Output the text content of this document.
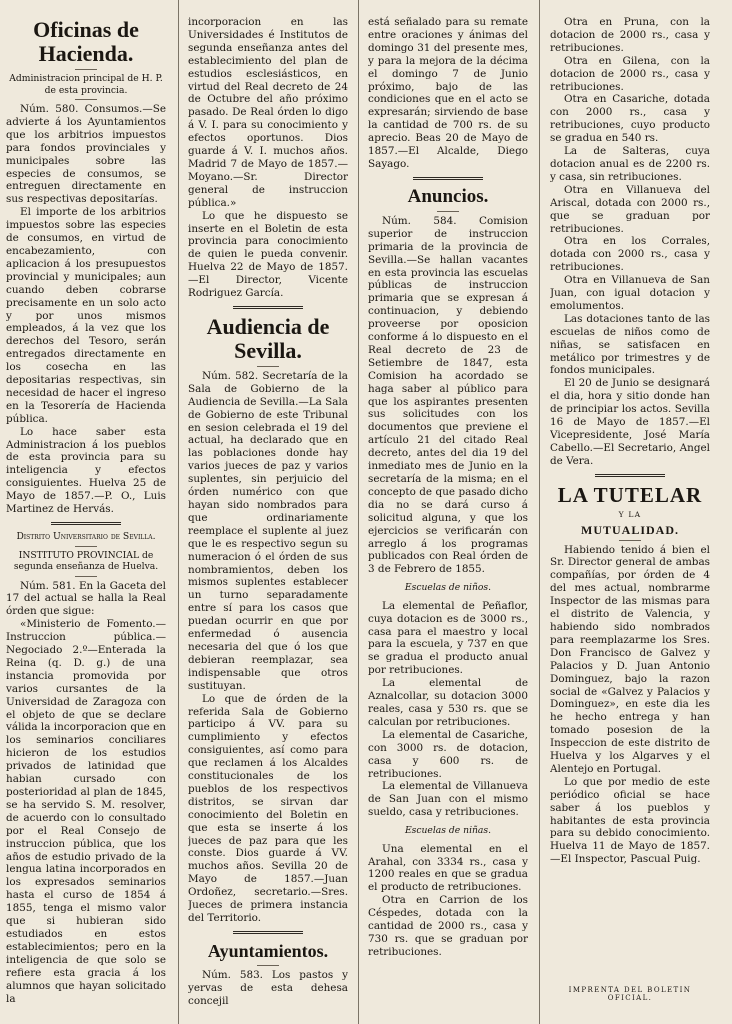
Oficinas de Hacienda.

Administracion principal de H. P. de esta provincia.

Núm. 580. Consumos.—Se advierte á los Ayuntamientos que los arbitrios impuestos para fondos provinciales y municipales sobre las especies de consumos, se entreguen directamente en sus respectivas depositarías.

El importe de los arbitrios impuestos sobre las especies de consumos, en virtud de encabezamiento, con aplicacion á los presupuestos provincial y municipales; aun cuando deben cobrarse precisamente en un solo acto y por unos mismos empleados, á la vez que los derechos del Tesoro, serán entregados directamente en los cosecha en las depositarias respectivas, sin necesidad de hacer el ingreso en la Tesorería de Hacienda pública.

Lo hace saber esta Administracion á los pueblos de esta provincia para su inteligencia y efectos consiguientes. Huelva 25 de Mayo de 1857.—P. O., Luis Martinez de Hervás.

Distrito Universitario de Sevilla.

INSTITUTO PROVINCIAL de segunda enseñanza de Huelva.

Núm. 581. En la Gaceta del 17 del actual se halla la Real órden que sigue:

«Ministerio de Fomento.—Instruccion pública.—Negociado 2.º—Enterada la Reina (q. D. g.) de una instancia promovida por varios cursantes de la Universidad de Zaragoza con el objeto de que se declare válida la incorporacion que en los seminarios conciliares hicieron de los estudios privados de latinidad que habian cursado con posterioridad al plan de 1845, se ha servido S. M. resolver, de acuerdo con lo consultado por el Real Consejo de instruccion pública, que los años de estudio privado de la lengua latina incorporados en los expresados seminarios hasta el curso de 1854 á 1855, tenga el mismo valor que si hubieran sido estudiados en estos establecimientos; pero en la inteligencia de que solo se refiere esta gracia á los alumnos que hayan solicitado la

incorporacion en las Universidades é Institutos de segunda enseñanza antes del establecimiento del plan de estudios esclesiásticos, en virtud del Real decreto de 24 de Octubre del año próximo pasado. De Real órden lo digo á V. I. para su conocimiento y efectos oportunos. Dios guarde á V. I. muchos años. Madrid 7 de Mayo de 1857.—Moyano.—Sr. Director general de instruccion pública.»

Lo que he dispuesto se inserte en el Boletin de esta provincia para conocimiento de quien le pueda convenir. Huelva 22 de Mayo de 1857.—El Director, Vicente Rodriguez García.

Audiencia de Sevilla.

Núm. 582. Secretaría de la Sala de Gobierno de la Audiencia de Sevilla.—La Sala de Gobierno de este Tribunal en sesion celebrada el 19 del actual, ha declarado que en las poblaciones donde hay varios jueces de paz y varios suplentes, sin perjuicio del órden numérico con que hayan sido nombrados para que ordinariamente reemplace el suplente al juez que le es respectivo segun su numeracion ó el órden de sus nombramientos, deben los mismos suplentes establecer un turno separadamente entre sí para los casos que puedan ocurrir en que por enfermedad ó ausencia necesaria del que ó los que debieran reemplazar, sea indispensable que otros sustituyan.

Lo que de órden de la referida Sala de Gobierno participo á VV. para su cumplimiento y efectos consiguientes, así como para que reclamen á los Alcaldes constitucionales de los pueblos de los respectivos distritos, se sirvan dar conocimiento del Boletin en que esta se inserte á los jueces de paz para que les conste. Dios guarde á VV. muchos años. Sevilla 20 de Mayo de 1857.—Juan Ordoñez, secretario.—Sres. Jueces de primera instancia del Territorio.

Ayuntamientos.

Núm. 583. Los pastos y yervas de esta dehesa concejil

está señalado para su remate entre oraciones y ánimas del domingo 31 del presente mes, y para la mejora de la décima el domingo 7 de Junio próximo, bajo de las condiciones que en el acto se expresarán; sirviendo de base la cantidad de 700 rs. de su aprecio. Beas 20 de Mayo de 1857.—El Alcalde, Diego Sayago.

Anuncios.

Núm. 584. Comision superior de instruccion primaria de la provincia de Sevilla.—Se hallan vacantes en esta provincia las escuelas públicas de instruccion primaria que se expresan á continuacion, y debiendo proveerse por oposicion conforme á lo dispuesto en el Real decreto de 23 de Setiembre de 1847, esta Comision ha acordado se haga saber al público para que los aspirantes presenten sus solicitudes con los documentos que previene el artículo 21 del citado Real decreto, antes del dia 19 del inmediato mes de Junio en la secretaría de la misma; en el concepto de que pasado dicho dia no se dará curso á solicitud alguna, y que los ejercicios se verificarán con arreglo á los programas publicados con Real órden de 3 de Febrero de 1855.

Escuelas de niños.

La elemental de Peñaflor, cuya dotacion es de 3000 rs., casa para el maestro y local para la escuela, y 737 en que se gradua el producto anual por retribuciones.

La elemental de Aznalcollar, su dotacion 3000 reales, casa y 530 rs. que se calculan por retribuciones.

La elemental de Casariche, con 3000 rs. de dotacion, casa y 600 rs. de retribuciones.

La elemental de Villanueva de San Juan con el mismo sueldo, casa y retribuciones.

Escuelas de niñas.

Una elemental en el Arahal, con 3334 rs., casa y 1200 reales en que se gradua el producto de retribuciones.

Otra en Carrion de los Céspedes, dotada con la cantidad de 2000 rs., casa y 730 rs. que se graduan por retribuciones.

Otra en Pruna, con la dotacion de 2000 rs., casa y retribuciones.

Otra en Gilena, con la dotacion de 2000 rs., casa y retribuciones.

Otra en Casariche, dotada con 2000 rs., casa y retribuciones, cuyo producto se gradua en 540 rs.

La de Salteras, cuya dotacion anual es de 2200 rs. y casa, sin retribuciones.

Otra en Villanueva del Ariscal, dotada con 2000 rs., que se graduan por retribuciones.

Otra en los Corrales, dotada con 2000 rs., casa y retribuciones.

Otra en Villanueva de San Juan, con igual dotacion y emolumentos.

Las dotaciones tanto de las escuelas de niños como de niñas, se satisfacen en metálico por trimestres y de fondos municipales.

El 20 de Junio se designará el dia, hora y sitio donde han de principiar los actos. Sevilla 16 de Mayo de 1857.—El Vicepresidente, José María Cabello.—El Secretario, Angel de Vera.

LA TUTELAR

Y LA

MUTUALIDAD.

Habiendo tenido á bien el Sr. Director general de ambas compañías, por órden de 4 del mes actual, nombrarme Inspector de las mismas para el distrito de Valencia, y habiendo sido nombrados para reemplazarme los Sres. Don Francisco de Galvez y Palacios y D. Juan Antonio Dominguez, bajo la razon social de «Galvez y Palacios y Dominguez», en este dia les he hecho entrega y han tomado posesion de la Inspeccion de este distrito de Huelva y los Algarves y el Alentejo en Portugal.

Lo que por medio de este periódico oficial se hace saber á los pueblos y habitantes de esta provincia para su debido conocimiento. Huelva 11 de Mayo de 1857.—El Inspector, Pascual Puig.

IMPRENTA DEL BOLETIN OFICIAL.
